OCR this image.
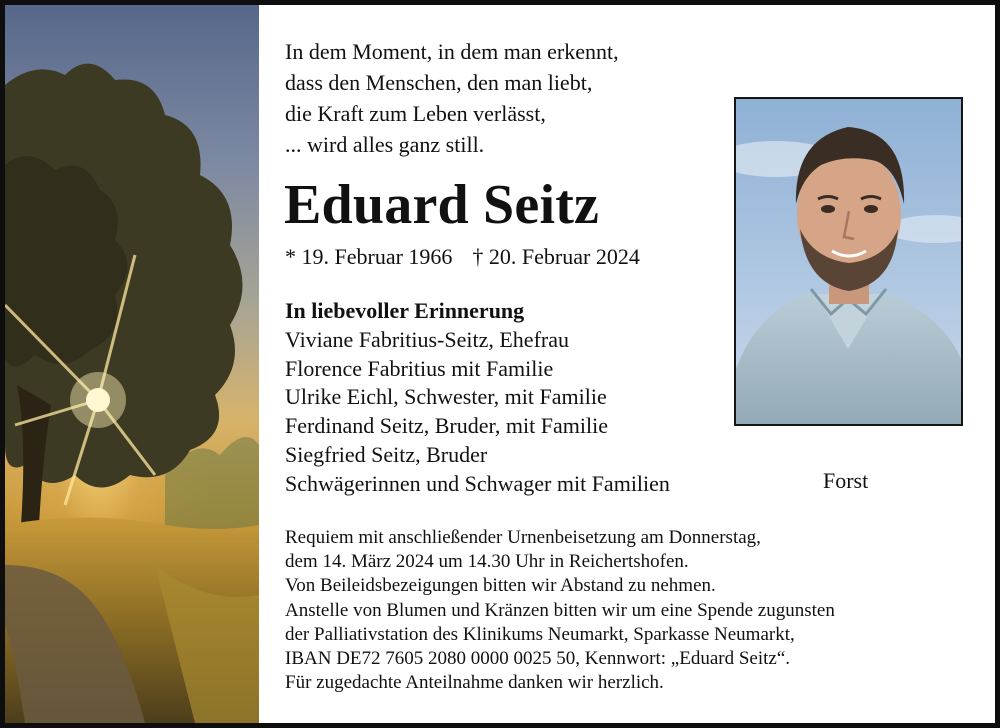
In dem Moment, in dem man erkennt,
dass den Menschen, den man liebt,
die Kraft zum Leben verlässt,
... wird alles ganz still.
Eduard Seitz
* 19. Februar 1966 † 20. Februar 2024
In liebevoller Erinnerung
Viviane Fabritius-Seitz, Ehefrau
Florence Fabritius mit Familie
Ulrike Eichl, Schwester, mit Familie
Ferdinand Seitz, Bruder, mit Familie
Siegfried Seitz, Bruder
Schwägerinnen und Schwager mit Familien	Forst
Requiem mit anschließender Urnenbeisetzung am Donnerstag,
dem 14. März 2024 um 14.30 Uhr in Reichertshofen.
Von Beileidsbezeigungen bitten wir Abstand zu nehmen.
Anstelle von Blumen und Kränzen bitten wir um eine Spende zugunsten
der Palliativstation des Klinikums Neumarkt, Sparkasse Neumarkt,
IBAN DE72 7605 2080 0000 0025 50, Kennwort: „Eduard Seitz“.
Für zugedachte Anteilnahme danken wir herzlich.
